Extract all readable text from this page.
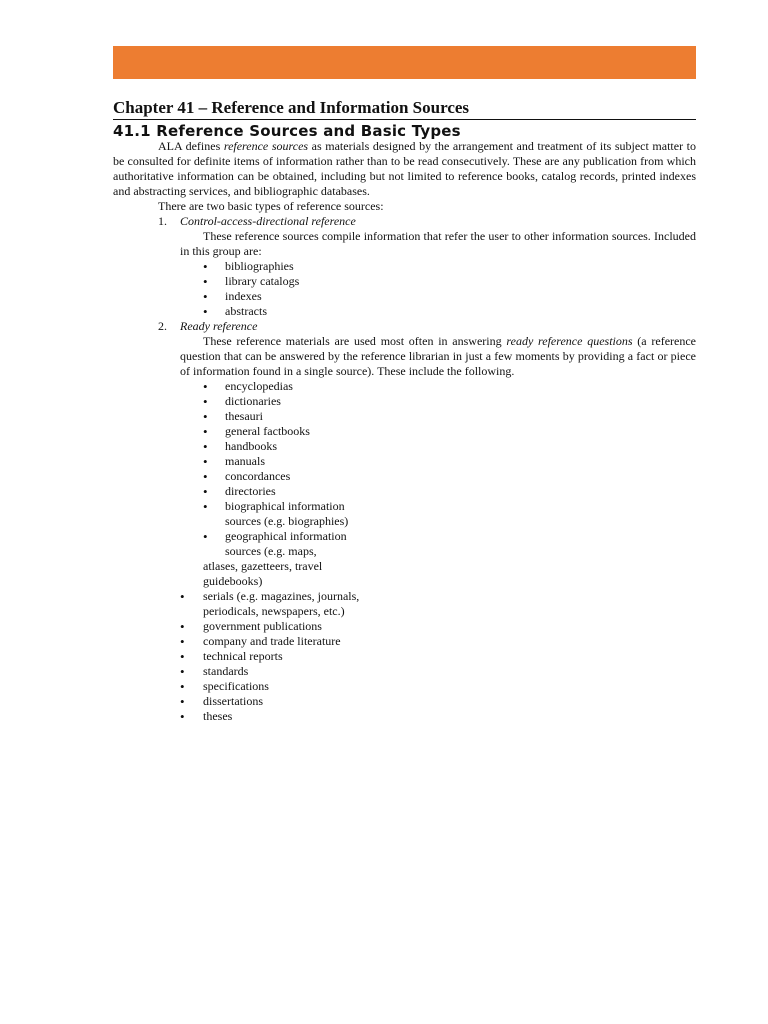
Chapter 41 – Reference and Information Sources
41.1 Reference Sources and Basic Types

ALA defines reference sources as materials designed by the arrangement and treatment of its subject matter to be consulted for definite items of information rather than to be read consecutively. These are any publication from which authoritative information can be obtained, including but not limited to reference books, catalog records, printed indexes and abstracting services, and bibliographic databases.

There are two basic types of reference sources:

1. Control-access-directional reference

These reference sources compile information that refer the user to other information sources. Included in this group are:

• bibliographies
• library catalogs
• indexes
• abstracts
2. Ready reference

These reference materials are used most often in answering ready reference questions (a reference question that can be answered by the reference librarian in just a few moments by providing a fact or piece of information found in a single source). These include the following.

• encyclopedias
• dictionaries
• thesauri
• general factbooks
• handbooks
• manuals
• concordances
• directories
• biographical information sources (e.g. biographies)
• geographical information sources (e.g. maps,
atlases, gazetteers, travel guidebooks)
• serials (e.g. magazines, journals, periodicals, newspapers, etc.)
• government publications
• company and trade literature
• technical reports
• standards
• specifications
• dissertations
• theses
